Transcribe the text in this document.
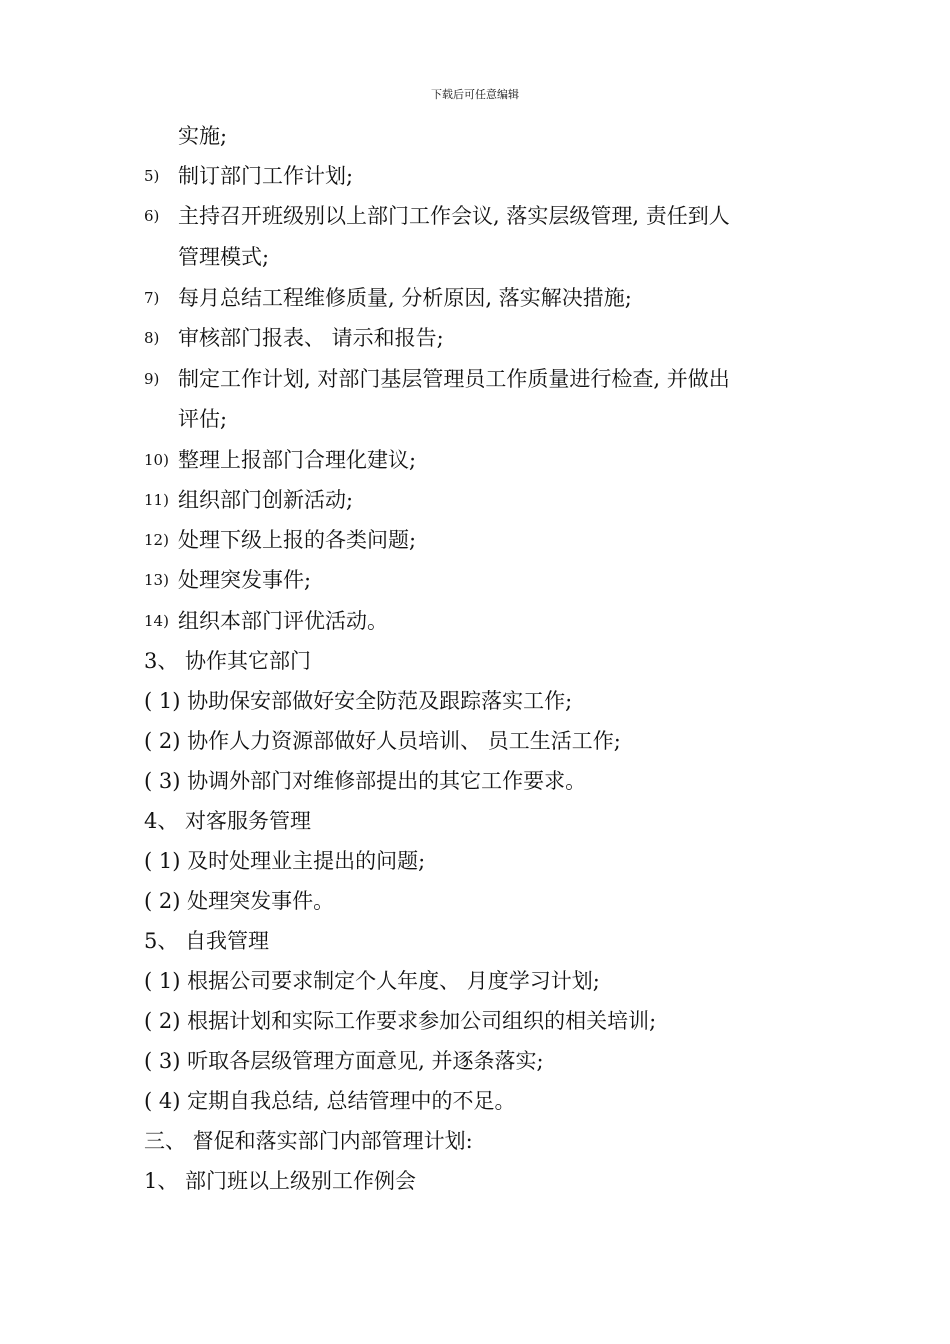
下载后可任意编辑
实施;
5) 制订部门工作计划;
6) 主持召开班级别以上部门工作会议, 落实层级管理, 责任到人
管理模式;
7) 每月总结工程维修质量, 分析原因, 落实解决措施;
8) 审核部门报表、 请示和报告;
9) 制定工作计划, 对部门基层管理员工作质量进行检查, 并做出
评估;
10) 整理上报部门合理化建议;
11) 组织部门创新活动;
12) 处理下级上报的各类问题;
13) 处理突发事件;
14) 组织本部门评优活动。
3、 协作其它部门
( 1) 协助保安部做好安全防范及跟踪落实工作;
( 2) 协作人力资源部做好人员培训、 员工生活工作;
( 3) 协调外部门对维修部提出的其它工作要求。
4、 对客服务管理
( 1) 及时处理业主提出的问题;
( 2) 处理突发事件。
5、 自我管理
( 1) 根据公司要求制定个人年度、 月度学习计划;
( 2) 根据计划和实际工作要求参加公司组织的相关培训;
( 3) 听取各层级管理方面意见, 并逐条落实;
( 4) 定期自我总结, 总结管理中的不足。
三、 督促和落实部门内部管理计划:
1、 部门班以上级别工作例会
